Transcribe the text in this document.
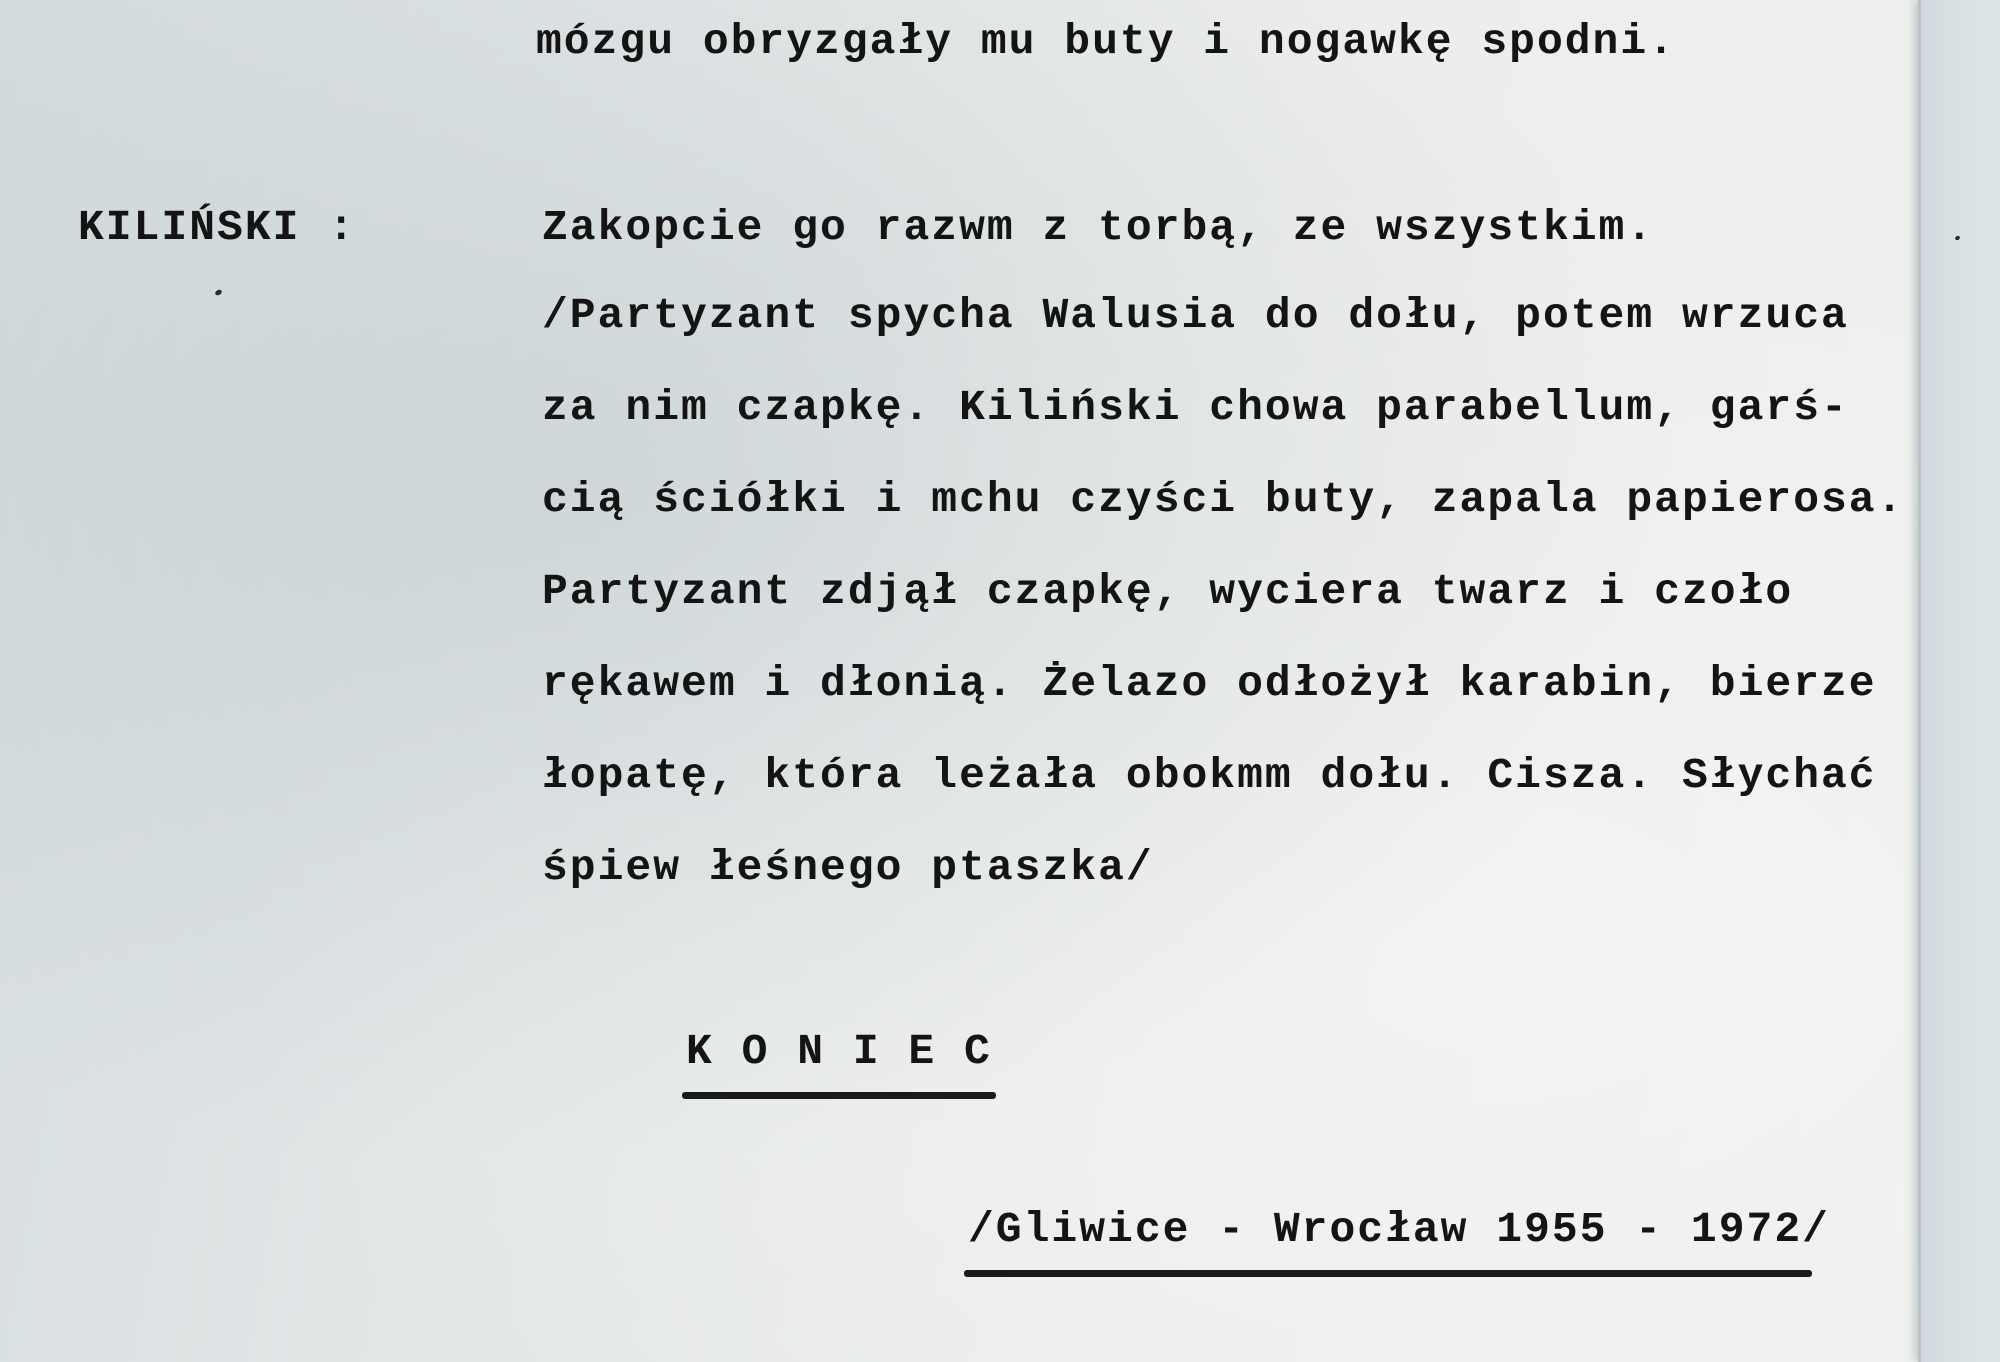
mózgu obryzgały mu buty i nogawkę spodni.

KILIŃSKI :	Zakopcie go razwm z torbą, ze wszystkim.

/Partyzant spycha Walusia do dołu, potem wrzuca

za nim czapkę. Kiliński chowa parabellum, garś-

cią ściółki i mchu czyści buty, zapala papierosa.

Partyzant zdjął czapkę, wyciera twarz i czoło

rękawem i dłonią. Żelazo odłożył karabin, bierze

łopatę, która leżała obokmm dołu. Cisza. Słychać

śpiew łeśnego ptaszka/

K O N I E C

/Gliwice - Wrocław 1955 - 1972/
